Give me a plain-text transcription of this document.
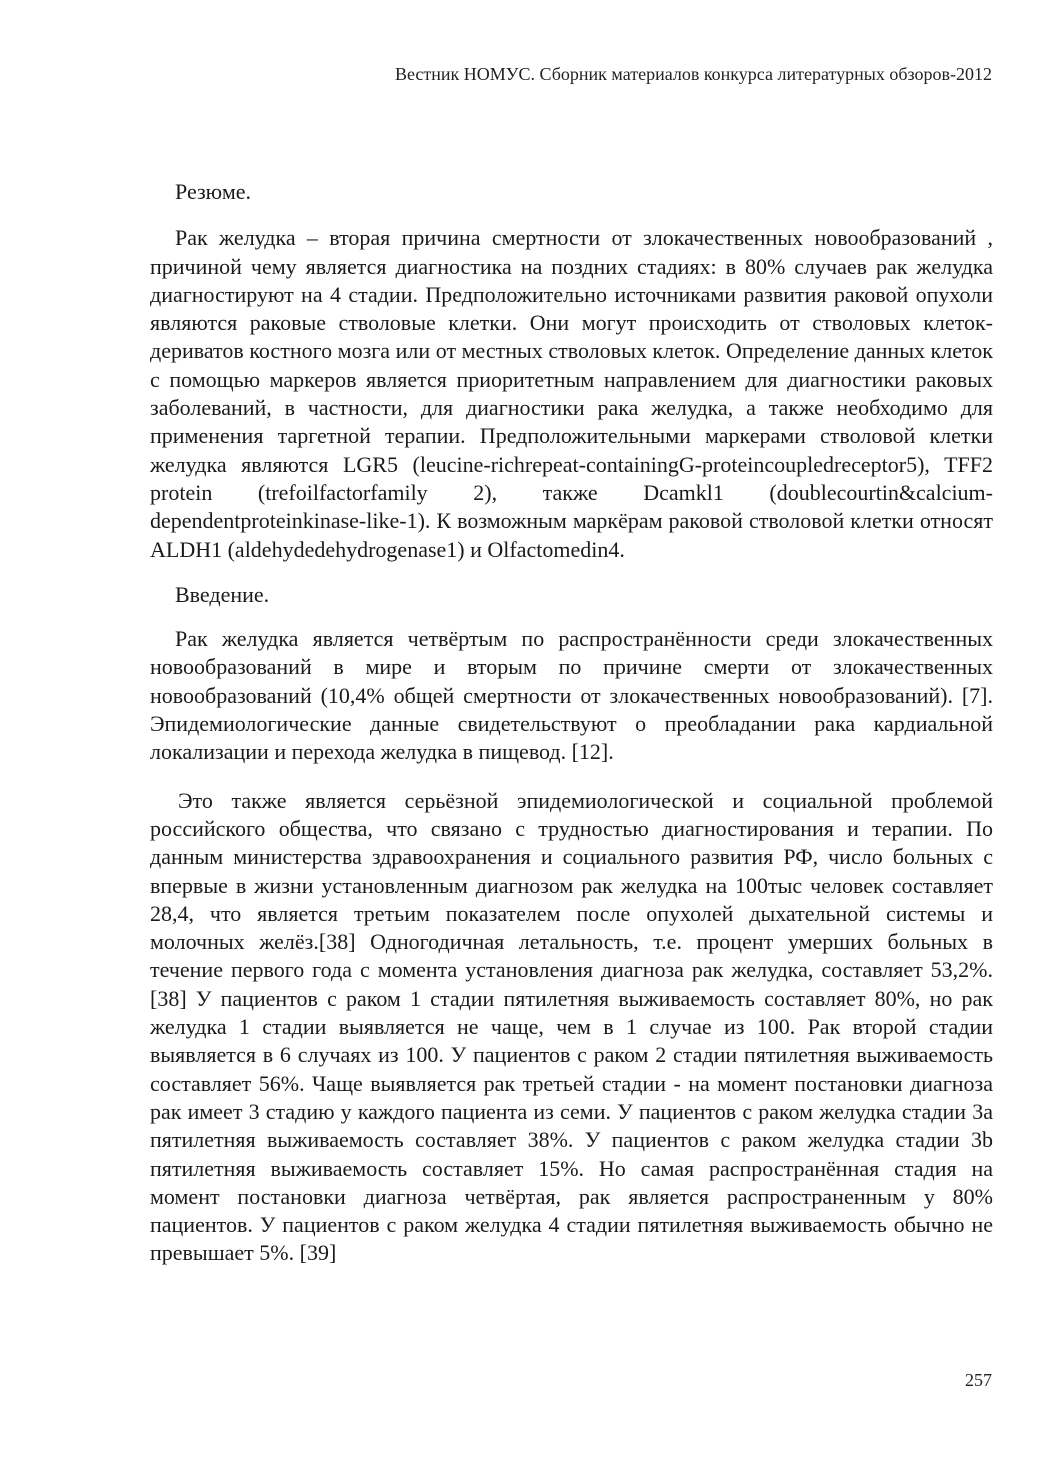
Вестник НОМУС. Сборник материалов конкурса литературных обзоров-2012

Резюме.

Рак желудка – вторая причина смертности от злокачественных новообразований , причиной чему является диагностика на поздних стадиях: в 80% случаев рак желудка диагностируют на 4 стадии. Предположительно источниками развития раковой опухоли являются раковые стволовые клетки. Они могут происходить от стволовых клеток-дериватов костного мозга или от местных стволовых клеток. Определение данных клеток с помощью маркеров является приоритетным направлением для диагностики раковых заболеваний, в частности, для диагностики рака желудка, а также необходимо для применения таргетной терапии. Предположительными маркерами стволовой клетки желудка являются LGR5 (leucine-richrepeat-containingG-proteincoupledreceptor5), TFF2 protein (trefoilfactorfamily 2), также Dcamkl1 (doublecourtin&calcium-dependentproteinkinase-like-1). К возможным маркёрам раковой стволовой клетки относят ALDH1 (aldehydedehydrogenase1) и Olfactomedin4.

Введение.

Рак желудка является четвёртым по распространённости среди злокачественных новообразований в мире и вторым по причине смерти от злокачественных новообразований (10,4% общей смертности от злокачественных новообразований). [7]. Эпидемиологические данные свидетельствуют о преобладании рака кардиальной локализации и перехода желудка в пищевод. [12].

Это также является серьёзной эпидемиологической и социальной проблемой российского общества, что связано с трудностью диагностирования и терапии. По данным министерства здравоохранения и социального развития РФ, число больных с впервые в жизни установленным диагнозом рак желудка на 100тыс человек составляет 28,4, что является третьим показателем после опухолей дыхательной системы и молочных желёз.[38] Одногодичная летальность, т.е. процент умерших больных в течение первого года с момента установления диагноза рак желудка, составляет 53,2%. [38] У пациентов с раком 1 стадии пятилетняя выживаемость составляет 80%, но рак желудка 1 стадии выявляется не чаще, чем в 1 случае из 100. Рак второй стадии выявляется в 6 случаях из 100. У пациентов с раком 2 стадии пятилетняя выживаемость составляет 56%. Чаще выявляется рак третьей стадии - на момент постановки диагноза рак имеет 3 стадию у каждого пациента из семи. У пациентов с раком желудка стадии 3а пятилетняя выживаемость составляет 38%. У пациентов с раком желудка стадии 3b пятилетняя выживаемость составляет 15%. Но самая распространённая стадия на момент постановки диагноза четвёртая, рак является распространенным у 80% пациентов. У пациентов с раком желудка 4 стадии пятилетняя выживаемость обычно не превышает 5%. [39]

257
